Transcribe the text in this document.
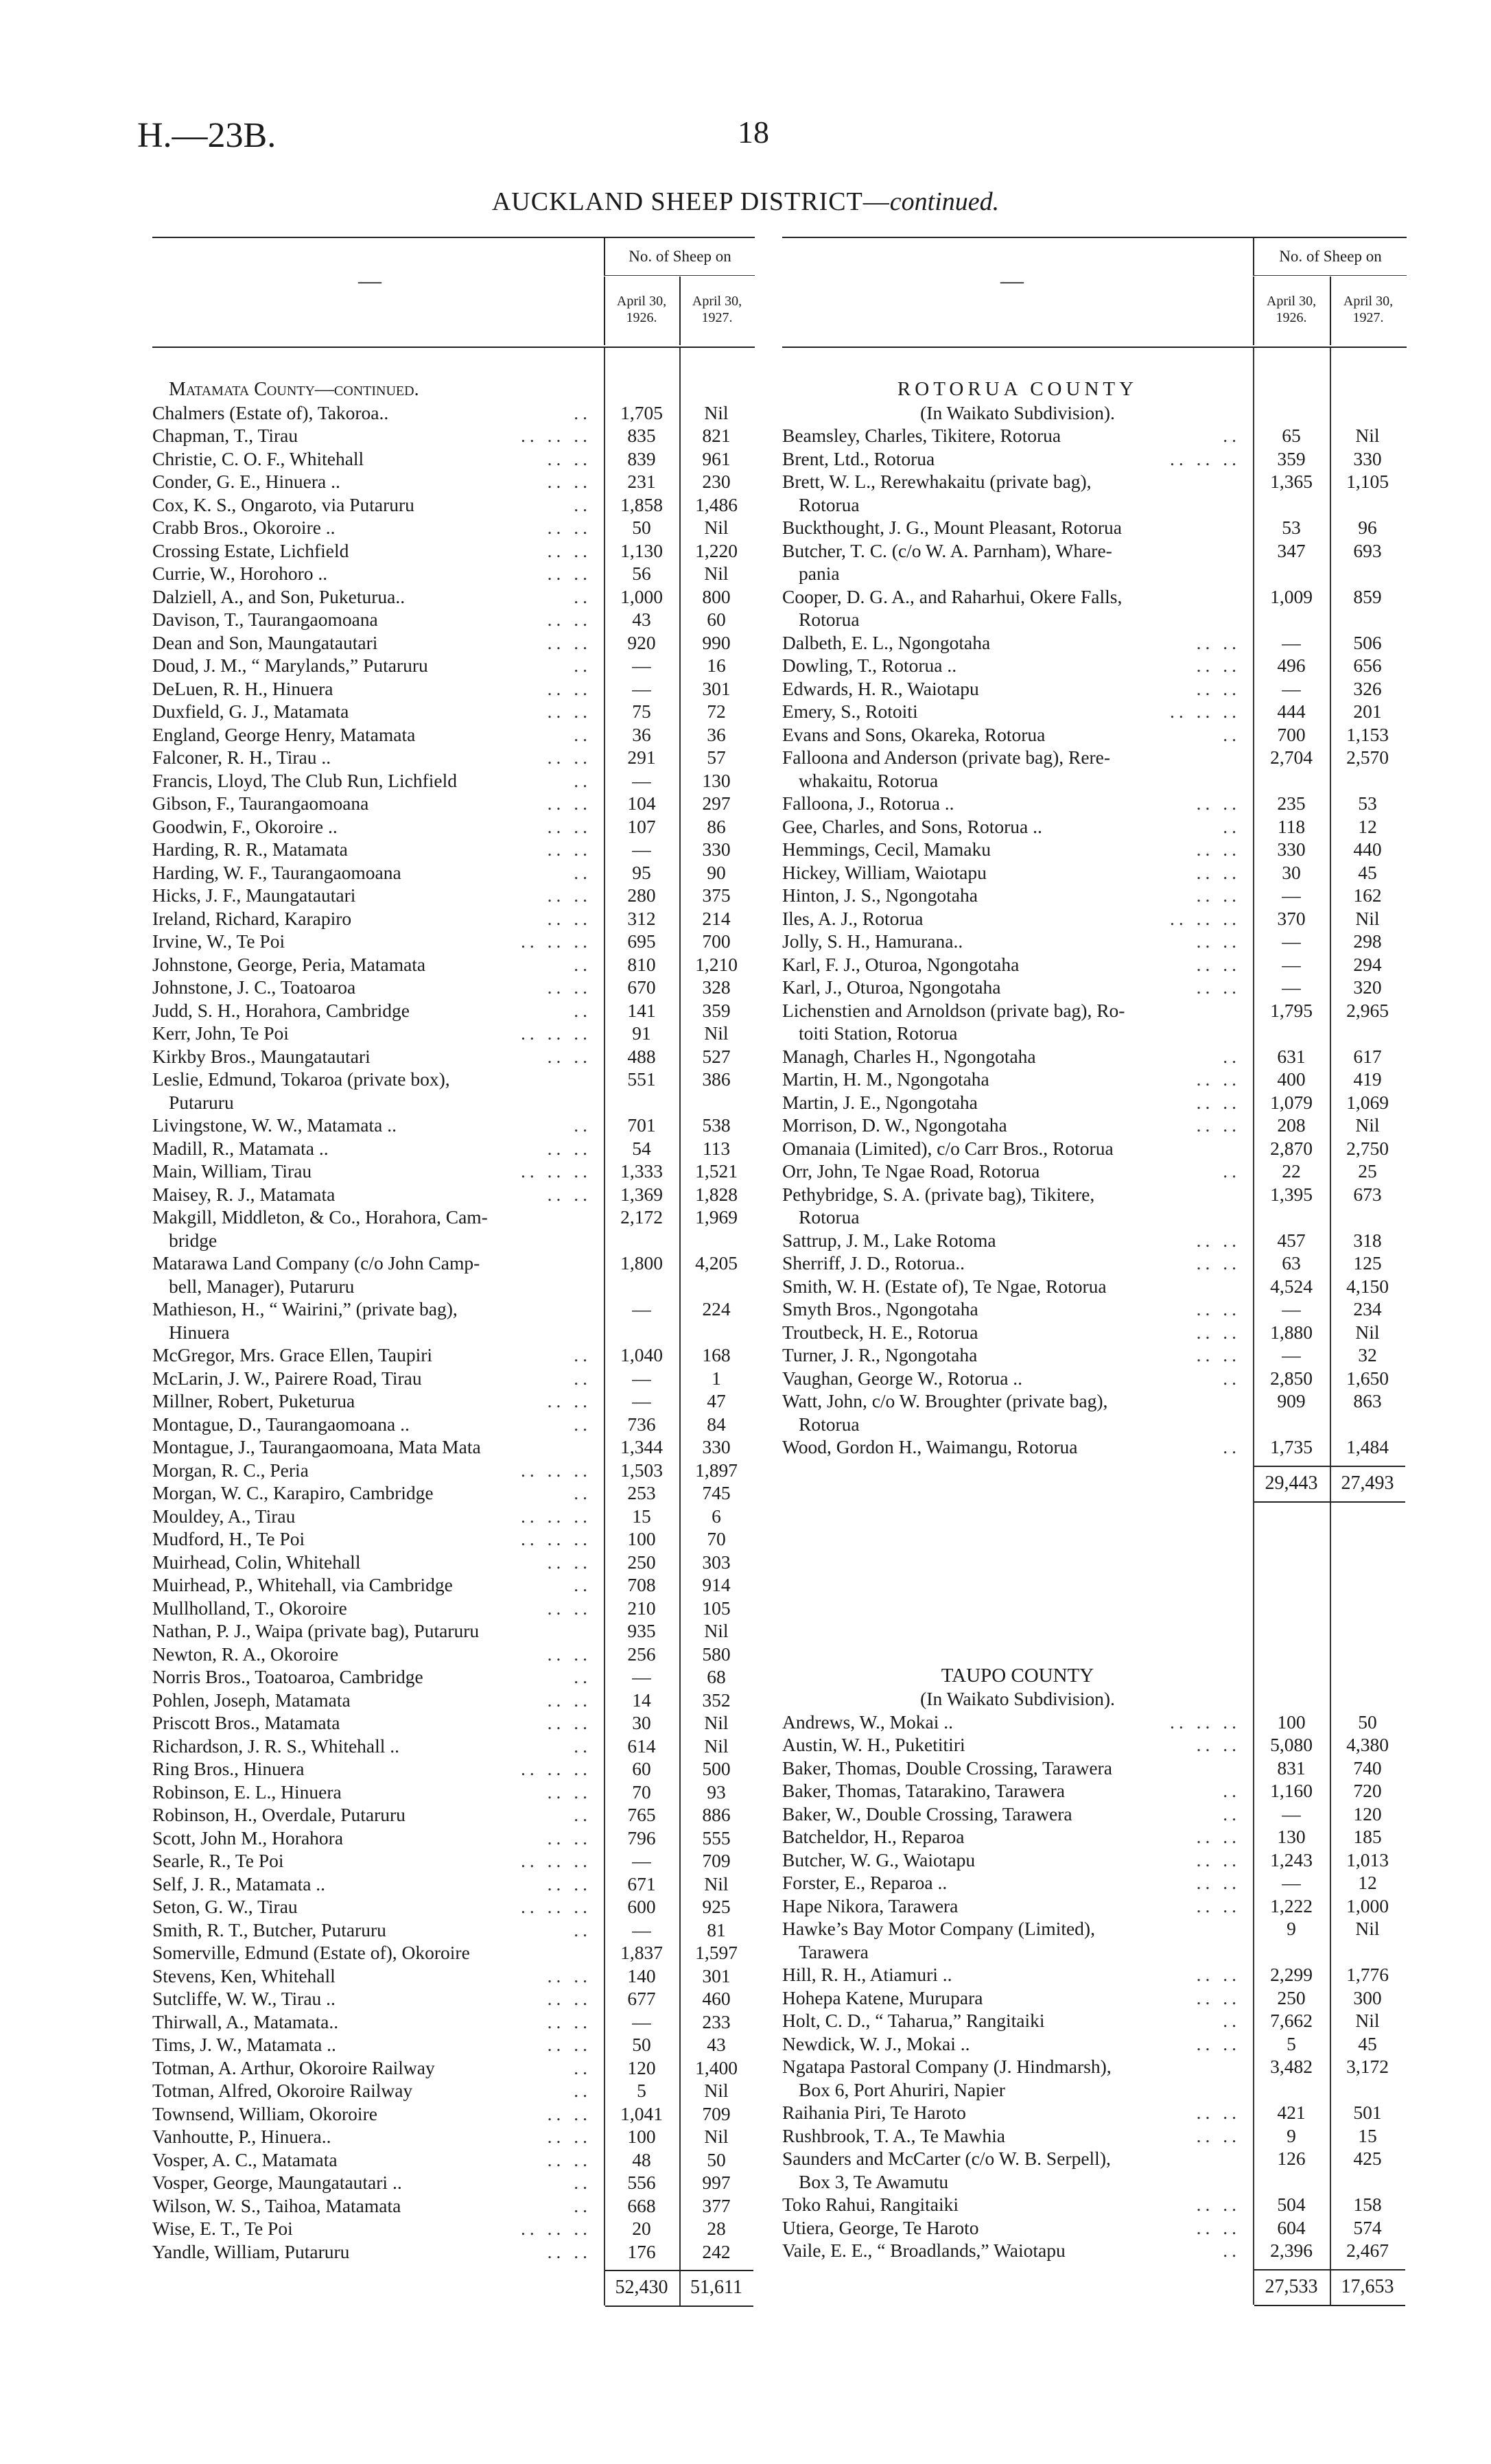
H.—23B.	18
AUCKLAND SHEEP DISTRICT—continued.
—
No. of Sheep on
April 30, 1926.
April 30, 1927.
Matamata County—continued.
..
Chalmers (Estate of), Takoroa..	1,705	Nil
.. .. ..
Chapman, T., Tirau	835	821
.. ..
Christie, C. O. F., Whitehall	839	961
.. ..
Conder, G. E., Hinuera ..	231	230
..
Cox, K. S., Ongaroto, via Putaruru	1,858	1,486
.. ..
Crabb Bros., Okoroire ..	50	Nil
.. ..
Crossing Estate, Lichfield	1,130	1,220
.. ..
Currie, W., Horohoro ..	56	Nil
..
Dalziell, A., and Son, Puketurua..	1,000	800
.. ..
Davison, T., Taurangaomoana	43	60
.. ..
Dean and Son, Maungatautari	920	990
..
Doud, J. M., “ Marylands,” Putaruru	—	16
.. ..
DeLuen, R. H., Hinuera	—	301
.. ..
Duxfield, G. J., Matamata	75	72
..
England, George Henry, Matamata	36	36
.. ..
Falconer, R. H., Tirau ..	291	57
..
Francis, Lloyd, The Club Run, Lichfield	—	130
.. ..
Gibson, F., Taurangaomoana	104	297
.. ..
Goodwin, F., Okoroire ..	107	86
.. ..
Harding, R. R., Matamata	—	330
..
Harding, W. F., Taurangaomoana	95	90
.. ..
Hicks, J. F., Maungatautari	280	375
.. ..
Ireland, Richard, Karapiro	312	214
.. .. ..
Irvine, W., Te Poi	695	700
..
Johnstone, George, Peria, Matamata	810	1,210
.. ..
Johnstone, J. C., Toatoaroa	670	328
..
Judd, S. H., Horahora, Cambridge	141	359
.. .. ..
Kerr, John, Te Poi	91	Nil
.. ..
Kirkby Bros., Maungatautari	488	527
Leslie, Edmund, Tokaroa (private box),
Putaruru
551	386
..
Livingstone, W. W., Matamata ..	701	538
.. ..
Madill, R., Matamata ..	54	113
.. .. ..
Main, William, Tirau	1,333	1,521
.. ..
Maisey, R. J., Matamata	1,369	1,828
Makgill, Middleton, & Co., Horahora, Cam-
bridge
2,172	1,969
Matarawa Land Company (c/o John Camp-
bell, Manager), Putaruru
1,800	4,205
Mathieson, H., “ Wairini,” (private bag),
Hinuera
—	224
..
McGregor, Mrs. Grace Ellen, Taupiri	1,040	168
..
McLarin, J. W., Pairere Road, Tirau	—	1
.. ..
Millner, Robert, Puketurua	—	47
..
Montague, D., Taurangaomoana ..	736	84
Montague, J., Taurangaomoana, Mata Mata	1,344	330
.. .. ..
Morgan, R. C., Peria	1,503	1,897
..
Morgan, W. C., Karapiro, Cambridge	253	745
.. .. ..
Mouldey, A., Tirau	15	6
.. .. ..
Mudford, H., Te Poi	100	70
.. ..
Muirhead, Colin, Whitehall	250	303
..
Muirhead, P., Whitehall, via Cambridge	708	914
.. ..
Mullholland, T., Okoroire	210	105
Nathan, P. J., Waipa (private bag), Putaruru	935	Nil
.. ..
Newton, R. A., Okoroire	256	580
..
Norris Bros., Toatoaroa, Cambridge	—	68
.. ..
Pohlen, Joseph, Matamata	14	352
.. ..
Priscott Bros., Matamata	30	Nil
..
Richardson, J. R. S., Whitehall ..	614	Nil
.. .. ..
Ring Bros., Hinuera	60	500
.. ..
Robinson, E. L., Hinuera	70	93
..
Robinson, H., Overdale, Putaruru	765	886
.. ..
Scott, John M., Horahora	796	555
.. .. ..
Searle, R., Te Poi	—	709
.. ..
Self, J. R., Matamata ..	671	Nil
.. .. ..
Seton, G. W., Tirau	600	925
..
Smith, R. T., Butcher, Putaruru	—	81
Somerville, Edmund (Estate of), Okoroire	1,837	1,597
.. ..
Stevens, Ken, Whitehall	140	301
.. ..
Sutcliffe, W. W., Tirau ..	677	460
.. ..
Thirwall, A., Matamata..	—	233
.. ..
Tims, J. W., Matamata ..	50	43
..
Totman, A. Arthur, Okoroire Railway	120	1,400
..
Totman, Alfred, Okoroire Railway	5	Nil
.. ..
Townsend, William, Okoroire	1,041	709
.. ..
Vanhoutte, P., Hinuera..	100	Nil
.. ..
Vosper, A. C., Matamata	48	50
..
Vosper, George, Maungatautari ..	556	997
..
Wilson, W. S., Taihoa, Matamata	668	377
.. .. ..
Wise, E. T., Te Poi	20	28
.. ..
Yandle, William, Putaruru	176	242
52,430	51,611
—
No. of Sheep on
April 30, 1926.
April 30, 1927.
ROTORUA COUNTY
(In Waikato Subdivision).
..
Beamsley, Charles, Tikitere, Rotorua	65	Nil
.. .. ..
Brent, Ltd., Rotorua	359	330
Brett, W. L., Rerewhakaitu (private bag),
Rotorua
1,365	1,105
Buckthought, J. G., Mount Pleasant, Rotorua	53	96
Butcher, T. C. (c/o W. A. Parnham), Whare-
pania
347	693
Cooper, D. G. A., and Raharhui, Okere Falls,
Rotorua
1,009	859
.. ..
Dalbeth, E. L., Ngongotaha	—	506
.. ..
Dowling, T., Rotorua ..	496	656
.. ..
Edwards, H. R., Waiotapu	—	326
.. .. ..
Emery, S., Rotoiti	444	201
..
Evans and Sons, Okareka, Rotorua	700	1,153
Falloona and Anderson (private bag), Rere-
whakaitu, Rotorua
2,704	2,570
.. ..
Falloona, J., Rotorua ..	235	53
..
Gee, Charles, and Sons, Rotorua ..	118	12
.. ..
Hemmings, Cecil, Mamaku	330	440
.. ..
Hickey, William, Waiotapu	30	45
.. ..
Hinton, J. S., Ngongotaha	—	162
.. .. ..
Iles, A. J., Rotorua	370	Nil
.. ..
Jolly, S. H., Hamurana..	—	298
.. ..
Karl, F. J., Oturoa, Ngongotaha	—	294
.. ..
Karl, J., Oturoa, Ngongotaha	—	320
Lichenstien and Arnoldson (private bag), Ro-
toiti Station, Rotorua
1,795	2,965
..
Managh, Charles H., Ngongotaha	631	617
.. ..
Martin, H. M., Ngongotaha	400	419
.. ..
Martin, J. E., Ngongotaha	1,079	1,069
.. ..
Morrison, D. W., Ngongotaha	208	Nil
Omanaia (Limited), c/o Carr Bros., Rotorua	2,870	2,750
..
Orr, John, Te Ngae Road, Rotorua	22	25
Pethybridge, S. A. (private bag), Tikitere,
Rotorua
1,395	673
.. ..
Sattrup, J. M., Lake Rotoma	457	318
.. ..
Sherriff, J. D., Rotorua..	63	125
Smith, W. H. (Estate of), Te Ngae, Rotorua	4,524	4,150
.. ..
Smyth Bros., Ngongotaha	—	234
.. ..
Troutbeck, H. E., Rotorua	1,880	Nil
.. ..
Turner, J. R., Ngongotaha	—	32
..
Vaughan, George W., Rotorua ..	2,850	1,650
Watt, John, c/o W. Broughter (private bag),
Rotorua
909	863
..
Wood, Gordon H., Waimangu, Rotorua	1,735	1,484
29,443	27,493
TAUPO COUNTY
(In Waikato Subdivision).
.. .. ..
Andrews, W., Mokai ..	100	50
.. ..
Austin, W. H., Puketitiri	5,080	4,380
Baker, Thomas, Double Crossing, Tarawera	831	740
..
Baker, Thomas, Tatarakino, Tarawera	1,160	720
..
Baker, W., Double Crossing, Tarawera	—	120
.. ..
Batcheldor, H., Reparoa	130	185
.. ..
Butcher, W. G., Waiotapu	1,243	1,013
.. ..
Forster, E., Reparoa ..	—	12
.. ..
Hape Nikora, Tarawera	1,222	1,000
Hawke’s Bay Motor Company (Limited),
Tarawera
9	Nil
.. ..
Hill, R. H., Atiamuri ..	2,299	1,776
.. ..
Hohepa Katene, Murupara	250	300
..
Holt, C. D., “ Taharua,” Rangitaiki	7,662	Nil
.. ..
Newdick, W. J., Mokai ..	5	45
Ngatapa Pastoral Company (J. Hindmarsh),
Box 6, Port Ahuriri, Napier
3,482	3,172
.. ..
Raihania Piri, Te Haroto	421	501
.. ..
Rushbrook, T. A., Te Mawhia	9	15
Saunders and McCarter (c/o W. B. Serpell),
Box 3, Te Awamutu
126	425
.. ..
Toko Rahui, Rangitaiki	504	158
.. ..
Utiera, George, Te Haroto	604	574
..
Vaile, E. E., “ Broadlands,” Waiotapu	2,396	2,467
27,533	17,653
